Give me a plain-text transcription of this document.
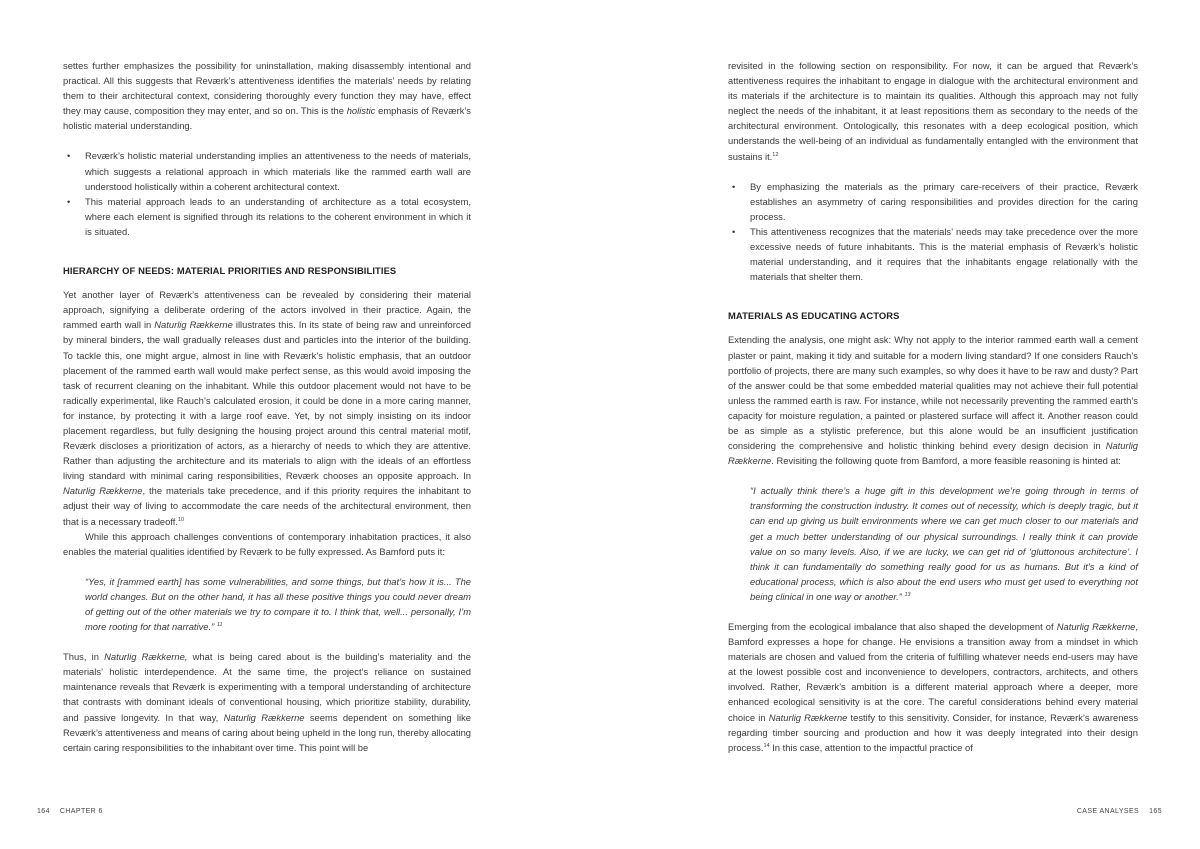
settes further emphasizes the possibility for uninstallation, making disassembly intentional and practical. All this suggests that Reværk’s attentiveness identifies the materials’ needs by relating them to their architectural context, considering thoroughly every function they may have, effect they may cause, composition they may enter, and so on. This is the holistic emphasis of Reværk’s holistic material understanding.

• Reværk’s holistic material understanding implies an attentiveness to the needs of materials, which suggests a relational approach in which materials like the rammed earth wall are understood holistically within a coherent architectural context.
• This material approach leads to an understanding of architecture as a total ecosystem, where each element is signified through its relations to the coherent environment in which it is situated.
HIERARCHY OF NEEDS: MATERIAL PRIORITIES AND RESPONSIBILITIES

Yet another layer of Reværk’s attentiveness can be revealed by considering their material approach, signifying a deliberate ordering of the actors involved in their practice. Again, the rammed earth wall in Naturlig Rækkerne illustrates this. In its state of being raw and unreinforced by mineral binders, the wall gradually releases dust and particles into the interior of the building. To tackle this, one might argue, almost in line with Reværk’s holistic emphasis, that an outdoor placement of the rammed earth wall would make perfect sense, as this would avoid imposing the task of recurrent cleaning on the inhabitant. While this outdoor placement would not have to be radically experimental, like Rauch’s calculated erosion, it could be done in a more caring manner, for instance, by protecting it with a large roof eave. Yet, by not simply insisting on its indoor placement regardless, but fully designing the housing project around this central material motif, Reværk discloses a prioritization of actors, as a hierarchy of needs to which they are attentive. Rather than adjusting the architecture and its materials to align with the ideals of an effortless living standard with minimal caring responsibilities, Reværk chooses an opposite approach. In Naturlig Rækkerne, the materials take precedence, and if this priority requires the inhabitant to adjust their way of living to accommodate the care needs of the architectural environment, then that is a necessary tradeoff.$^{10}$

While this approach challenges conventions of contemporary inhabitation practices, it also enables the material qualities identified by Reværk to be fully expressed. As Bamford puts it:

“Yes, it [rammed earth] has some vulnerabilities, and some things, but that’s how it is... The world changes. But on the other hand, it has all these positive things you could never dream of getting out of the other materials we try to compare it to. I think that, well... personally, I’m more rooting for that narrative.” $^{11}$

Thus, in Naturlig Rækkerne, what is being cared about is the building’s materiality and the materials’ holistic interdependence. At the same time, the project’s reliance on sustained maintenance reveals that Reværk is experimenting with a temporal understanding of architecture that contrasts with dominant ideals of conventional housing, which prioritize stability, durability, and passive longevity. In that way, Naturlig Rækkerne seems dependent on something like Reværk’s attentiveness and means of caring about being upheld in the long run, thereby allocating certain caring responsibilities to the inhabitant over time. This point will be

164 CHAPTER 6

revisited in the following section on responsibility. For now, it can be argued that Reværk’s attentiveness requires the inhabitant to engage in dialogue with the architectural environment and its materials if the architecture is to maintain its qualities. Although this approach may not fully neglect the needs of the inhabitant, it at least repositions them as secondary to the needs of the architectural environment. Ontologically, this resonates with a deep ecological position, which understands the well-being of an individual as fundamentally entangled with the environment that sustains it.$^{12}$

• By emphasizing the materials as the primary care-receivers of their practice, Reværk establishes an asymmetry of caring responsibilities and provides direction for the caring process.
• This attentiveness recognizes that the materials’ needs may take precedence over the more excessive needs of future inhabitants. This is the material emphasis of Reværk’s holistic material understanding, and it requires that the inhabitants engage relationally with the materials that shelter them.
MATERIALS AS EDUCATING ACTORS

Extending the analysis, one might ask: Why not apply to the interior rammed earth wall a cement plaster or paint, making it tidy and suitable for a modern living standard? If one considers Rauch’s portfolio of projects, there are many such examples, so why does it have to be raw and dusty? Part of the answer could be that some embedded material qualities may not achieve their full potential unless the rammed earth is raw. For instance, while not necessarily preventing the rammed earth’s capacity for moisture regulation, a painted or plastered surface will affect it. Another reason could be as simple as a stylistic preference, but this alone would be an insufficient justification considering the comprehensive and holistic thinking behind every design decision in Naturlig Rækkerne. Revisiting the following quote from Bamford, a more feasible reasoning is hinted at:

“I actually think there’s a huge gift in this development we’re going through in terms of transforming the construction industry. It comes out of necessity, which is deeply tragic, but it can end up giving us built environments where we can get much closer to our materials and get a much better understanding of our physical surroundings. I really think it can provide value on so many levels. Also, if we are lucky, we can get rid of ‘gluttonous architecture’. I think it can fundamentally do something really good for us as humans. But it’s a kind of educational process, which is also about the end users who must get used to everything not being clinical in one way or another.” $^{13}$

Emerging from the ecological imbalance that also shaped the development of Naturlig Rækkerne, Bamford expresses a hope for change. He envisions a transition away from a mindset in which materials are chosen and valued from the criteria of fulfilling whatever needs end-users may have at the lowest possible cost and inconvenience to developers, contractors, architects, and others involved. Rather, Reværk’s ambition is a different material approach where a deeper, more enhanced ecological sensitivity is at the core. The careful considerations behind every material choice in Naturlig Rækkerne testify to this sensitivity. Consider, for instance, Reværk’s awareness regarding timber sourcing and production and how it was deeply integrated into their design process.$^{14}$ In this case, attention to the impactful practice of

CASE ANALYSES 165
